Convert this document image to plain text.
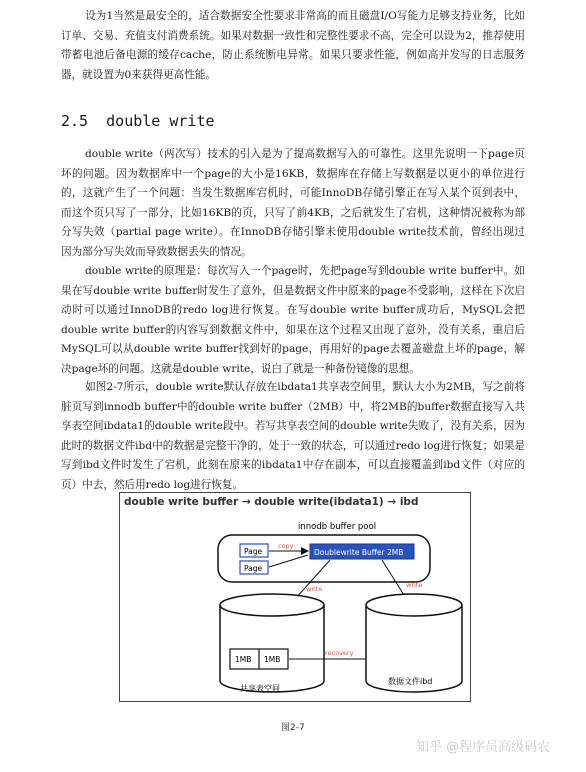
设为1当然是最安全的，适合数据安全性要求非常高的而且磁盘I/O写能力足够支持业务，比如订单、交易、充值支付消费系统。如果对数据一致性和完整性要求不高，完全可以设为2，推荐使用带蓄电池后备电源的缓存cache，防止系统断电异常。如果只要求性能，例如高并发写的日志服务器，就设置为0来获得更高性能。

2.5 double write

double write（两次写）技术的引入是为了提高数据写入的可靠性。这里先说明一下page页坏的问题。因为数据库中一个page的大小是16KB，数据库在存储上写数据是以更小的单位进行的，这就产生了一个问题：当发生数据库宕机时，可能InnoDB存储引擎正在写入某个页到表中，而这个页只写了一部分，比如16KB的页，只写了前4KB，之后就发生了宕机，这种情况被称为部分写失效（partial page write）。在InnoDB存储引擎未使用double write技术前，曾经出现过因为部分写失效而导致数据丢失的情况。

double write的原理是：每次写入一个page时，先把page写到double write buffer中。如果在写double write buffer时发生了意外，但是数据文件中原来的page不受影响，这样在下次启动时可以通过InnoDB的redo log进行恢复。在写double write buffer成功后，MySQL会把double write buffer的内容写到数据文件中，如果在这个过程又出现了意外，没有关系，重启后MySQL可以从double write buffer找到好的page，再用好的page去覆盖磁盘上坏的page，解决page坏的问题。这就是double write，说白了就是一种备份镜像的思想。

如图2-7所示，double write默认存放在ibdata1共享表空间里，默认大小为2MB，写之前将脏页写到innodb buffer中的double write buffer（2MB）中，将2MB的buffer数据直接写入共享表空间ibdata1的double write段中。若写共享表空间的double write失败了，没有关系，因为此时的数据文件ibd中的数据是完整干净的，处于一致的状态，可以通过redo log进行恢复；如果是写到ibd文件时发生了宕机，此刻在原来的ibdata1中存在副本，可以直接覆盖到ibd文件（对应的页）中去，然后用redo log进行恢复。

double write buffer → double write(ibdata1) → ibd
innodb buffer pool
Page
Page
copy
Doublewrite Buffer 2MB
write	write
1MB 1MB
共享表空间
recovery
数据文件ibd
图2-7
知乎 @程序员高级码农
